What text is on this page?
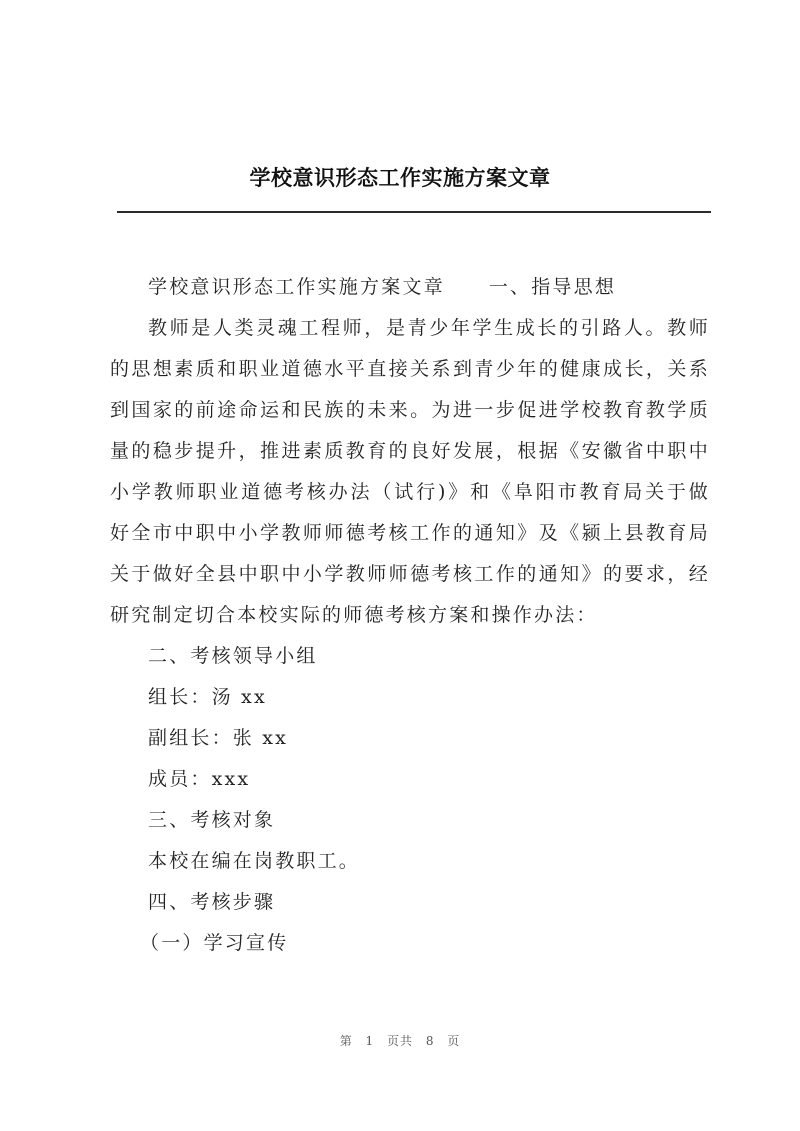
学校意识形态工作实施方案文章

学校意识形态工作实施方案文章 一、指导思想

教师是人类灵魂工程师，是青少年学生成长的引路人。教师的思想素质和职业道德水平直接关系到青少年的健康成长，关系到国家的前途命运和民族的未来。为进一步促进学校教育教学质量的稳步提升，推进素质教育的良好发展，根据《安徽省中职中小学教师职业道德考核办法（试行)》和《阜阳市教育局关于做好全市中职中小学教师师德考核工作的通知》及《颍上县教育局关于做好全县中职中小学教师师德考核工作的通知》的要求，经研究制定切合本校实际的师德考核方案和操作办法：

二、考核领导小组

组长：汤 xx

副组长：张 xx

成员：xxx

三、考核对象

本校在编在岗教职工。

四、考核步骤

（一）学习宣传

第 1 页共 8 页
